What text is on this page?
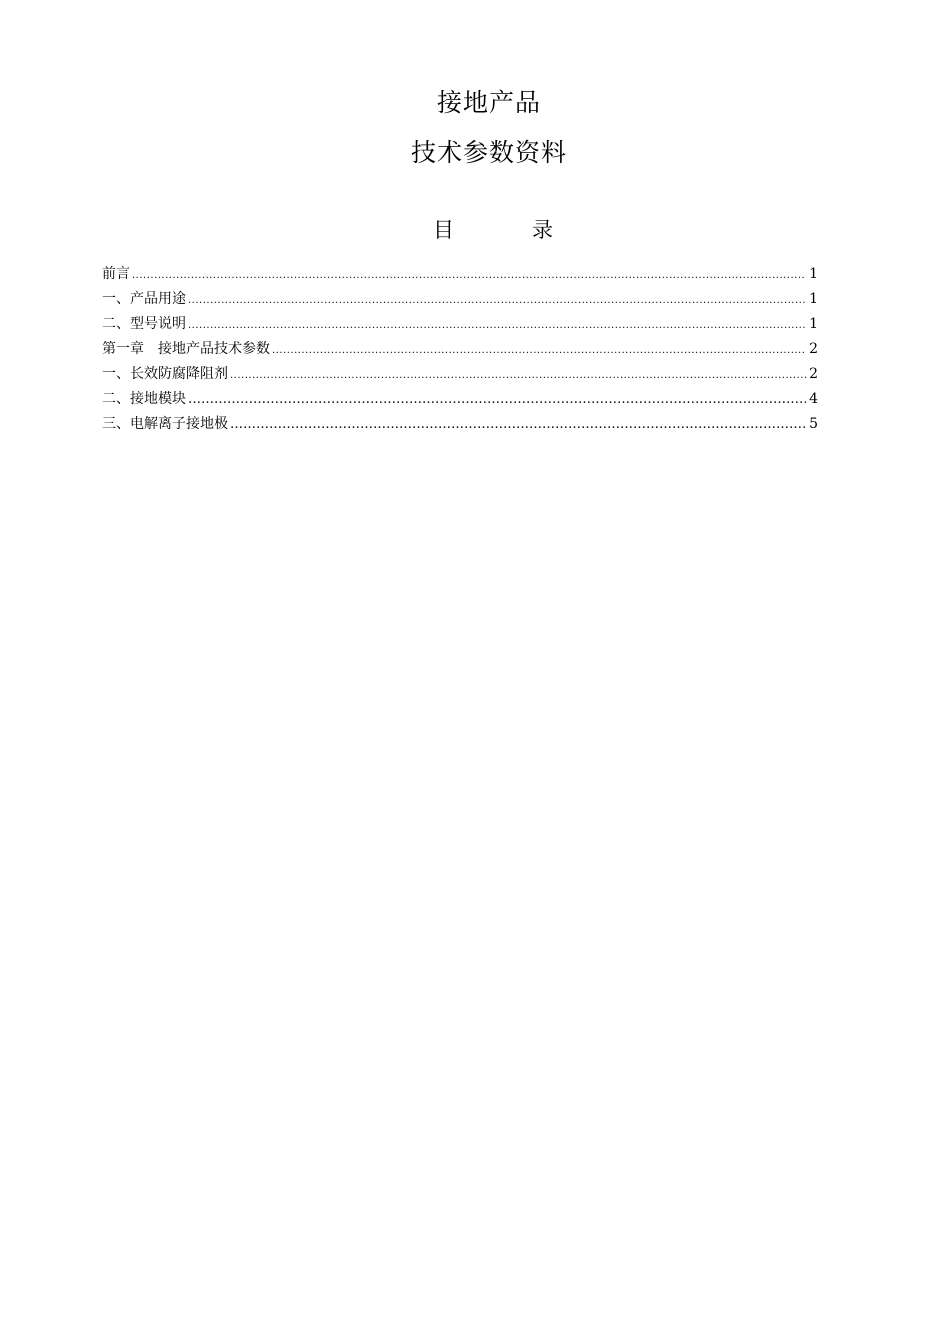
接地产品
技术参数资料
目	录
前言 .....	1
一、产品用途 .....	1
二、型号说明 .....	1
第一章　接地产品技术参数 .....	2
一、长效防腐降阻剂 .....	2
二、接地模块 …………………………………………………………………………………………………………………………………………	4
三、电解离子接地极 …………………………………………………………………………………………………………………………………………	5
